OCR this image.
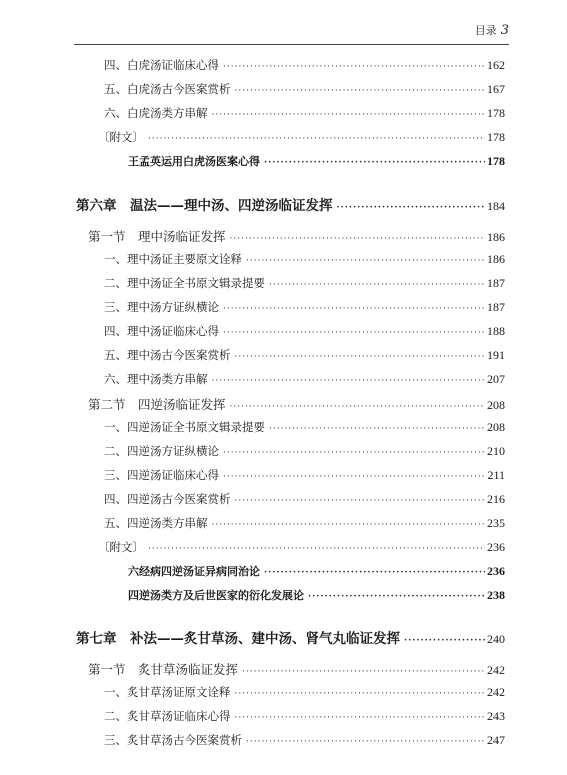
目录 3
四、白虎汤证临床心得 ·····	162
五、白虎汤古今医案赏析 ·····	167
六、白虎汤类方串解 ·····	178
〔附文〕 ·····	178
王孟英运用白虎汤医案心得 ·····	178
第六章　温法——理中汤、四逆汤临证发挥 ·····	184
第一节　理中汤临证发挥 ·····	186
一、理中汤证主要原文诠释 ·····	186
二、理中汤证全书原文辑录提要 ·····	187
三、理中汤方证纵横论 ·····	187
四、理中汤证临床心得 ·····	188
五、理中汤古今医案赏析 ·····	191
六、理中汤类方串解 ·····	207
第二节　四逆汤临证发挥 ·····	208
一、四逆汤证全书原文辑录提要 ·····	208
二、四逆汤方证纵横论 ·····	210
三、四逆汤证临床心得 ·····	211
四、四逆汤古今医案赏析 ·····	216
五、四逆汤类方串解 ·····	235
〔附文〕 ·····	236
六经病四逆汤证异病同治论 ·····	236
四逆汤类方及后世医家的衍化发展论 ·····	238
第七章　补法——炙甘草汤、建中汤、肾气丸临证发挥 ·····	240
第一节　炙甘草汤临证发挥 ·····	242
一、炙甘草汤证原文诠释 ·····	242
二、炙甘草汤证临床心得 ·····	243
三、炙甘草汤古今医案赏析 ·····	247
